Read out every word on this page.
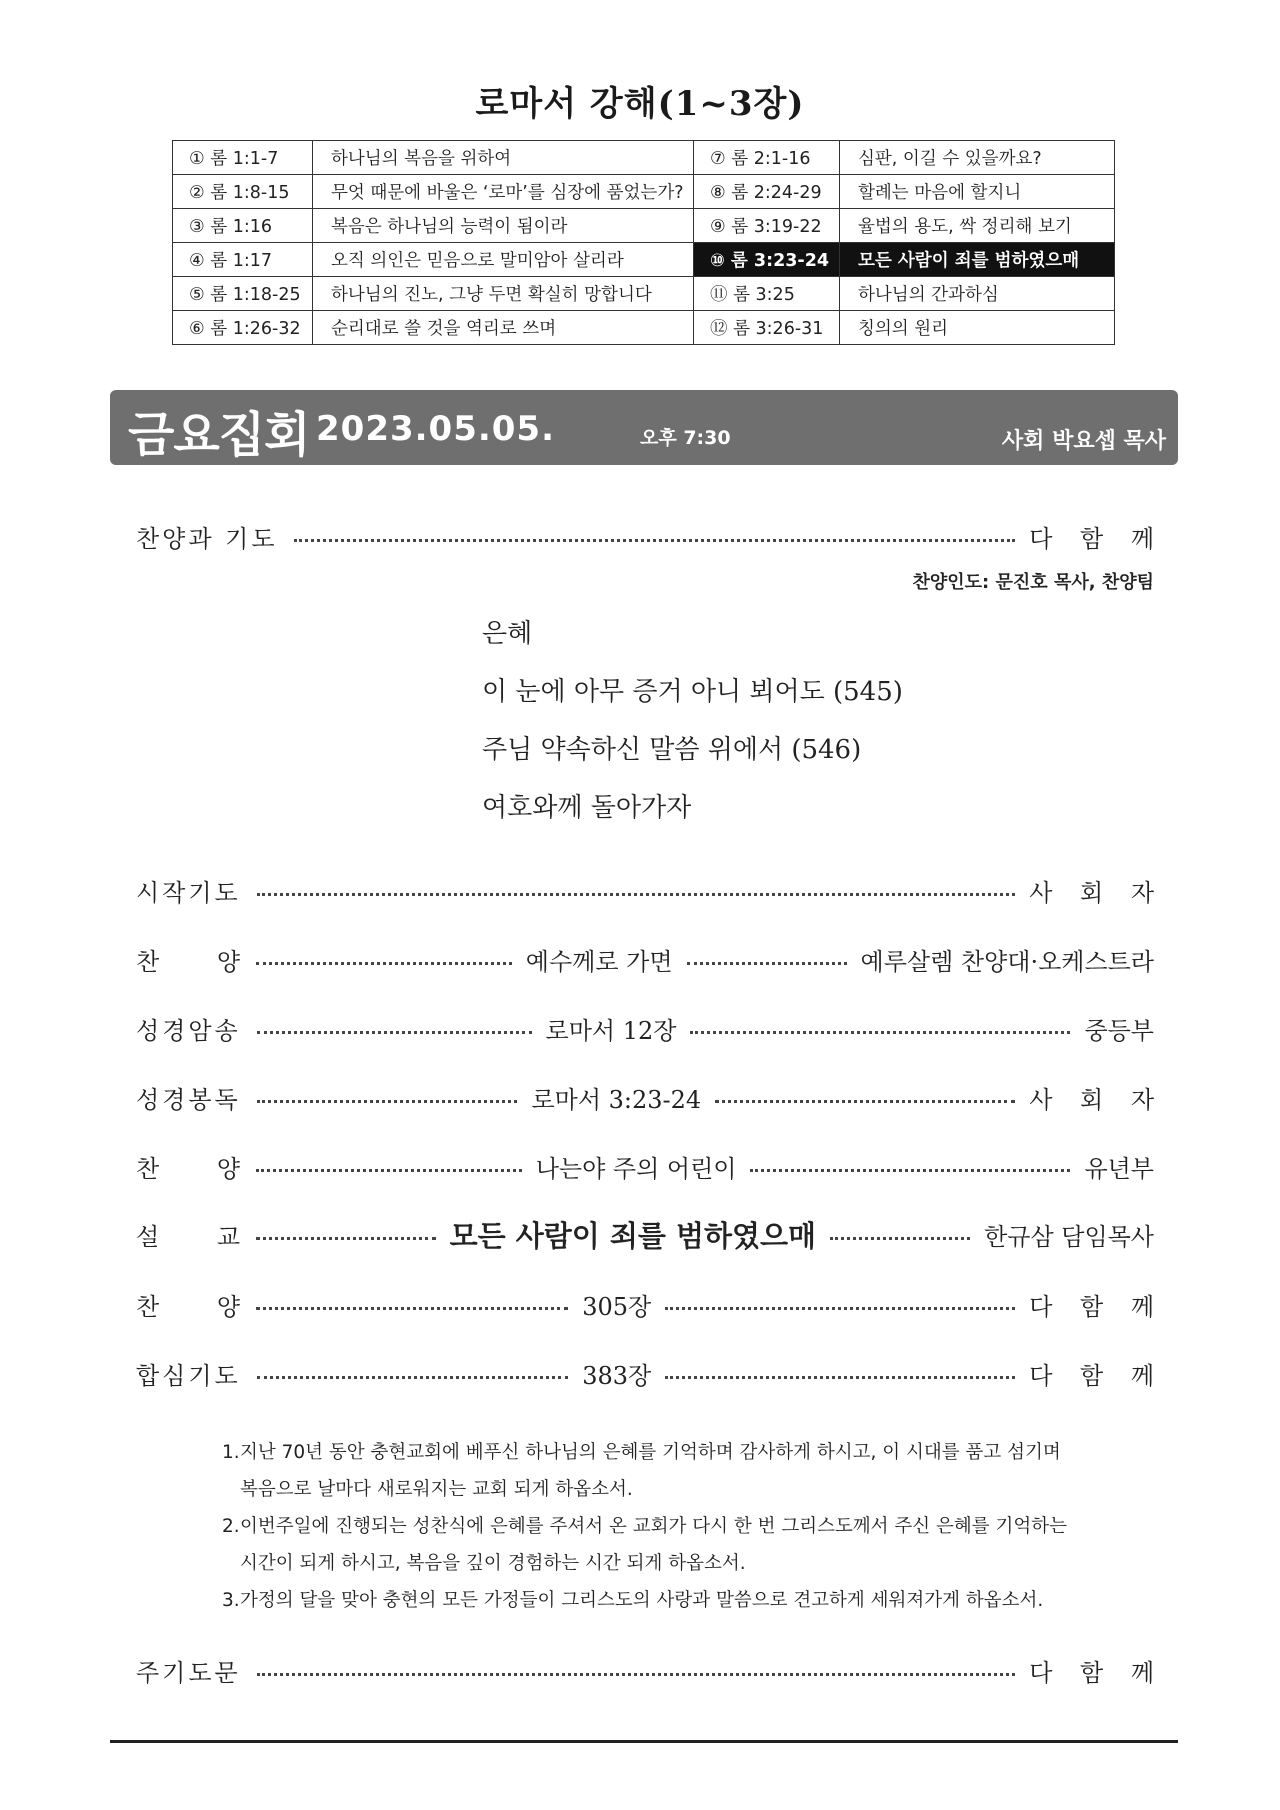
로마서 강해(1~3장)
① 롬 1:1-7	하나님의 복음을 위하여	⑦ 롬 2:1-16	심판, 이길 수 있을까요?
② 롬 1:8-15	무엇 때문에 바울은 ‘로마’를 심장에 품었는가?	⑧ 롬 2:24-29	할례는 마음에 할지니
③ 롬 1:16	복음은 하나님의 능력이 됨이라	⑨ 롬 3:19-22	율법의 용도, 싹 정리해 보기
④ 롬 1:17	오직 의인은 믿음으로 말미암아 살리라	⑩ 롬 3:23-24	모든 사람이 죄를 범하였으매
⑤ 롬 1:18-25	하나님의 진노, 그냥 두면 확실히 망합니다	⑪ 롬 3:25	하나님의 간과하심
⑥ 롬 1:26-32	순리대로 쓸 것을 역리로 쓰며	⑫ 롬 3:26-31	칭의의 원리
금요집회 2023.05.05.	오후 7:30	사회 박요셉 목사
찬양과 기도	다 함 께
찬양인도: 문진호 목사, 찬양팀
은혜
이 눈에 아무 증거 아니 뵈어도 (545)
주님 약속하신 말씀 위에서 (546)
여호와께 돌아가자
시작기도	사 회 자
찬 양	예수께로 가면	예루살렘 찬양대·오케스트라
성경암송	로마서 12장	중등부
성경봉독	로마서 3:23-24	사 회 자
찬 양	나는야 주의 어린이	유년부
설 교	모든 사람이 죄를 범하였으매	한규삼 담임목사
찬 양	305장	다 함 께
합심기도	383장	다 함 께
1. 지난 70년 동안 충현교회에 베푸신 하나님의 은혜를 기억하며 감사하게 하시고, 이 시대를 품고 섬기며
복음으로 날마다 새로워지는 교회 되게 하옵소서.
2. 이번주일에 진행되는 성찬식에 은혜를 주셔서 온 교회가 다시 한 번 그리스도께서 주신 은혜를 기억하는
시간이 되게 하시고, 복음을 깊이 경험하는 시간 되게 하옵소서.
3. 가정의 달을 맞아 충현의 모든 가정들이 그리스도의 사랑과 말씀으로 견고하게 세워져가게 하옵소서.
주기도문	다 함 께
